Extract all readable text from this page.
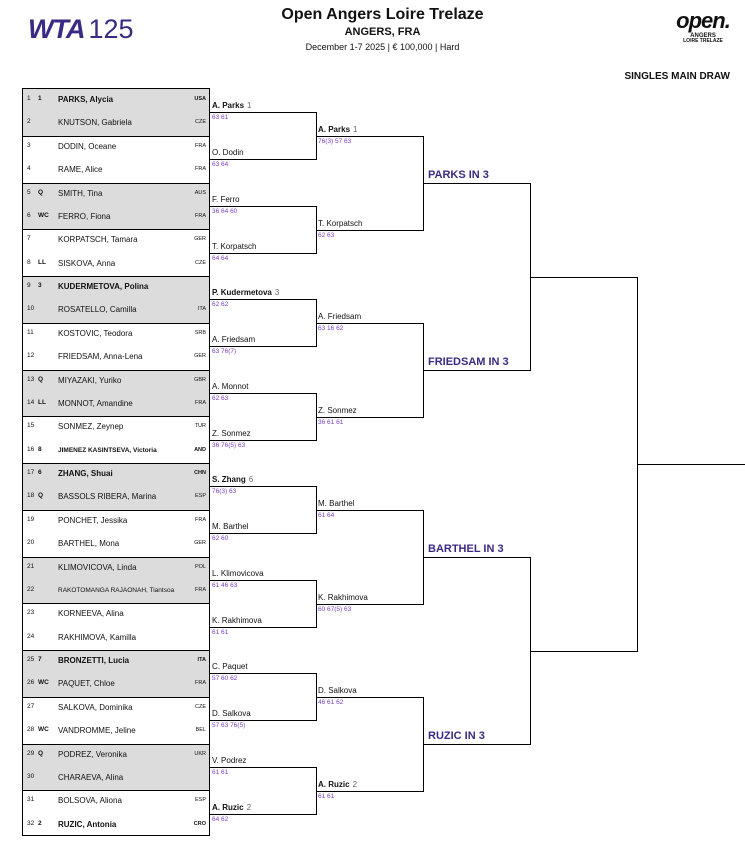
WTA 125	Open Angers Loire Trelaze
ANGERS, FRA
December 1-7 2025 | € 100,000 | Hard
open.
ANGERS
LOIRE TRELAZE
SINGLES MAIN DRAW
1 1 PARKS, Alycia	USA
2	KNUTSON, Gabriela	CZE
3	DODIN, Oceane	FRA
4	RAME, Alice	FRA
5 Q SMITH, Tina	AUS
6 WC FERRO, Fiona	FRA
7	KORPATSCH, Tamara	GER
8 LL SISKOVA, Anna	CZE
9 3 KUDERMETOVA, Polina
10	ROSATELLO, Camilla	ITA
11	KOSTOVIC, Teodora	SRB
12	FRIEDSAM, Anna-Lena	GER
13 Q MIYAZAKI, Yuriko	GBR
14 LL MONNOT, Amandine	FRA
15	SONMEZ, Zeynep	TUR
16 8	JIMENEZ KASINTSEVA, Victoria	AND
17 6 ZHANG, Shuai	CHN
18 Q BASSOLS RIBERA, Marina	ESP
19	PONCHET, Jessika	FRA
20	BARTHEL, Mona	GER
21	KLIMOVICOVA, Linda	POL
22	RAKOTOMANGA RAJAONAH, Tiantsoa	FRA
23	KORNEEVA, Alina
24	RAKHIMOVA, Kamilla
25 7 BRONZETTI, Lucia	ITA
26 WC PAQUET, Chloe	FRA
27	SALKOVA, Dominika	CZE
28 WC VANDROMME, Jeline	BEL
29 Q PODREZ, Veronika	UKR
30	CHARAEVA, Alina
31	BOLSOVA, Aliona	ESP
32 2 RUZIC, Antonia	CRO
A. Parks 1
63 61
O. Dodin
63 64
F. Ferro
36 64 60
T. Korpatsch
64 64
P. Kudermetova 3
62 62
A. Friedsam
63 76(7)
A. Monnot
62 63
Z. Sonmez
36 76(5) 63
S. Zhang 6
76(3) 63
M. Barthel
62 60
L. Klimovicova
61 46 63
K. Rakhimova
61 61
C. Paquet
57 60 62
D. Salkova
57 63 76(5)
V. Podrez
61 61
A. Ruzic 2
64 62
A. Parks 1
76(3) 57 63
T. Korpatsch
62 63
A. Friedsam
63 16 62
Z. Sonmez
36 61 61
M. Barthel
61 64
K. Rakhimova
60 67(5) 63
D. Salkova
46 61 62
A. Ruzic 2
61 61
PARKS IN 3
FRIEDSAM IN 3
BARTHEL IN 3
RUZIC IN 3
